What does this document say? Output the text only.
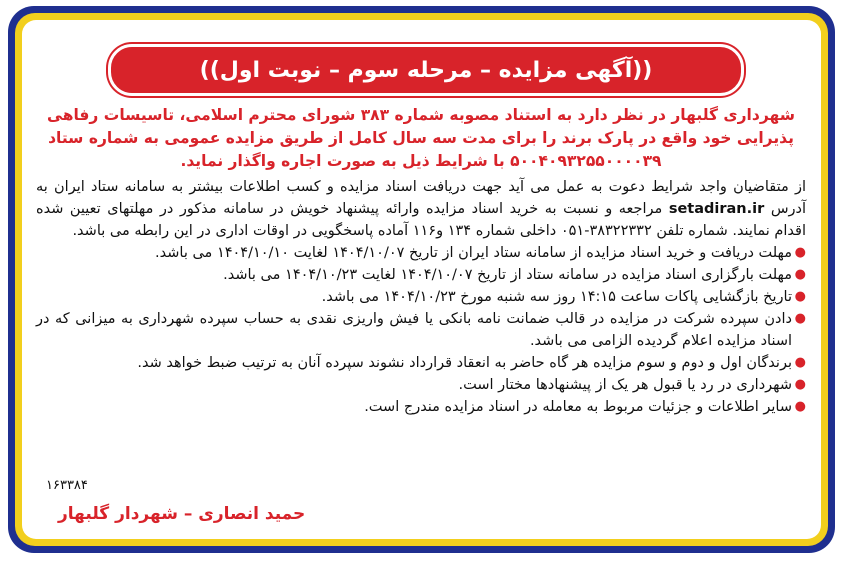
((آگهی مزایده – مرحله سوم – نوبت اول))

شهرداری گلبهار در نظر دارد به استناد مصوبه شماره ۳۸۳ شورای محترم اسلامی، تاسیسات رفاهی پذیرایی خود واقع در پارک برند را برای مدت سه سال کامل از طریق مزایده عمومی به شماره ستاد ۵۰۰۴۰۹۳۲۵۵۰۰۰۰۳۹ با شرایط ذیل به صورت اجاره واگذار نماید.

از متقاضیان واجد شرایط دعوت به عمل می آید جهت دریافت اسناد مزایده و کسب اطلاعات بیشتر به سامانه ستاد ایران به آدرس setadiran.ir مراجعه و نسبت به خرید اسناد مزایده وارائه پیشنهاد خویش در سامانه مذکور در مهلتهای تعیین شده اقدام نمایند. شماره تلفن ۳۸۳۲۲۳۳۲-۰۵۱ داخلی شماره ۱۳۴ و۱۱۶ آماده پاسخگویی در اوقات اداری در این رابطه می باشد.

●
مهلت دریافت و خرید اسناد مزایده از سامانه ستاد ایران از تاریخ ۱۴۰۴/۱۰/۰۷ لغایت ۱۴۰۴/۱۰/۱۰ می باشد.
●
مهلت بارگزاری اسناد مزایده در سامانه ستاد از تاریخ ۱۴۰۴/۱۰/۰۷ لغایت ۱۴۰۴/۱۰/۲۳ می باشد.
●
تاریخ بازگشایی پاکات ساعت ۱۴:۱۵ روز سه شنبه مورخ ۱۴۰۴/۱۰/۲۳ می باشد.
●
دادن سپرده شرکت در مزایده در قالب ضمانت نامه بانکی یا فیش واریزی نقدی به حساب سپرده شهرداری به میزانی که در اسناد مزایده اعلام گردیده الزامی می باشد.
●
برندگان اول و دوم و سوم مزایده هر گاه حاضر به انعقاد قرارداد نشوند سپرده آنان به ترتیب ضبط خواهد شد.
●
شهرداری در رد یا قبول هر یک از پیشنهادها مختار است.
●
سایر اطلاعات و جزئیات مربوط به معامله در اسناد مزایده مندرج است.
۱۶۳۳۸۴
حمید انصاری – شهردار گلبهار
